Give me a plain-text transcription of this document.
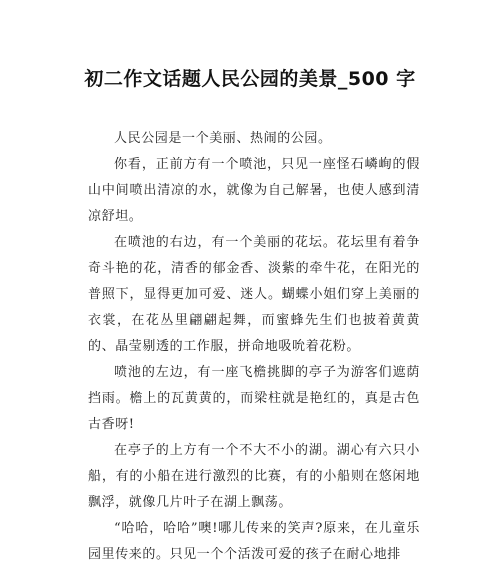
初二作文话题人民公园的美景_500 字

人民公园是一个美丽、热闹的公园。

你看，正前方有一个喷池，只见一座怪石嶙峋的假山中间喷出清凉的水，就像为自己解暑，也使人感到清凉舒坦。

在喷池的右边，有一个美丽的花坛。花坛里有着争奇斗艳的花，清香的郁金香、淡紫的牵牛花，在阳光的普照下，显得更加可爱、迷人。蝴蝶小姐们穿上美丽的衣裳，在花丛里翩翩起舞，而蜜蜂先生们也披着黄黄的、晶莹剔透的工作服，拼命地吸吮着花粉。

喷池的左边，有一座飞檐挑脚的亭子为游客们遮荫挡雨。檐上的瓦黄黄的，而梁柱就是艳红的，真是古色古香呀!

在亭子的上方有一个不大不小的湖。湖心有六只小船，有的小船在进行激烈的比赛，有的小船则在悠闲地飘浮，就像几片叶子在湖上飘荡。

“哈哈，哈哈”噢!哪儿传来的笑声?原来，在儿童乐园里传来的。只见一个个活泼可爱的孩子在耐心地排
